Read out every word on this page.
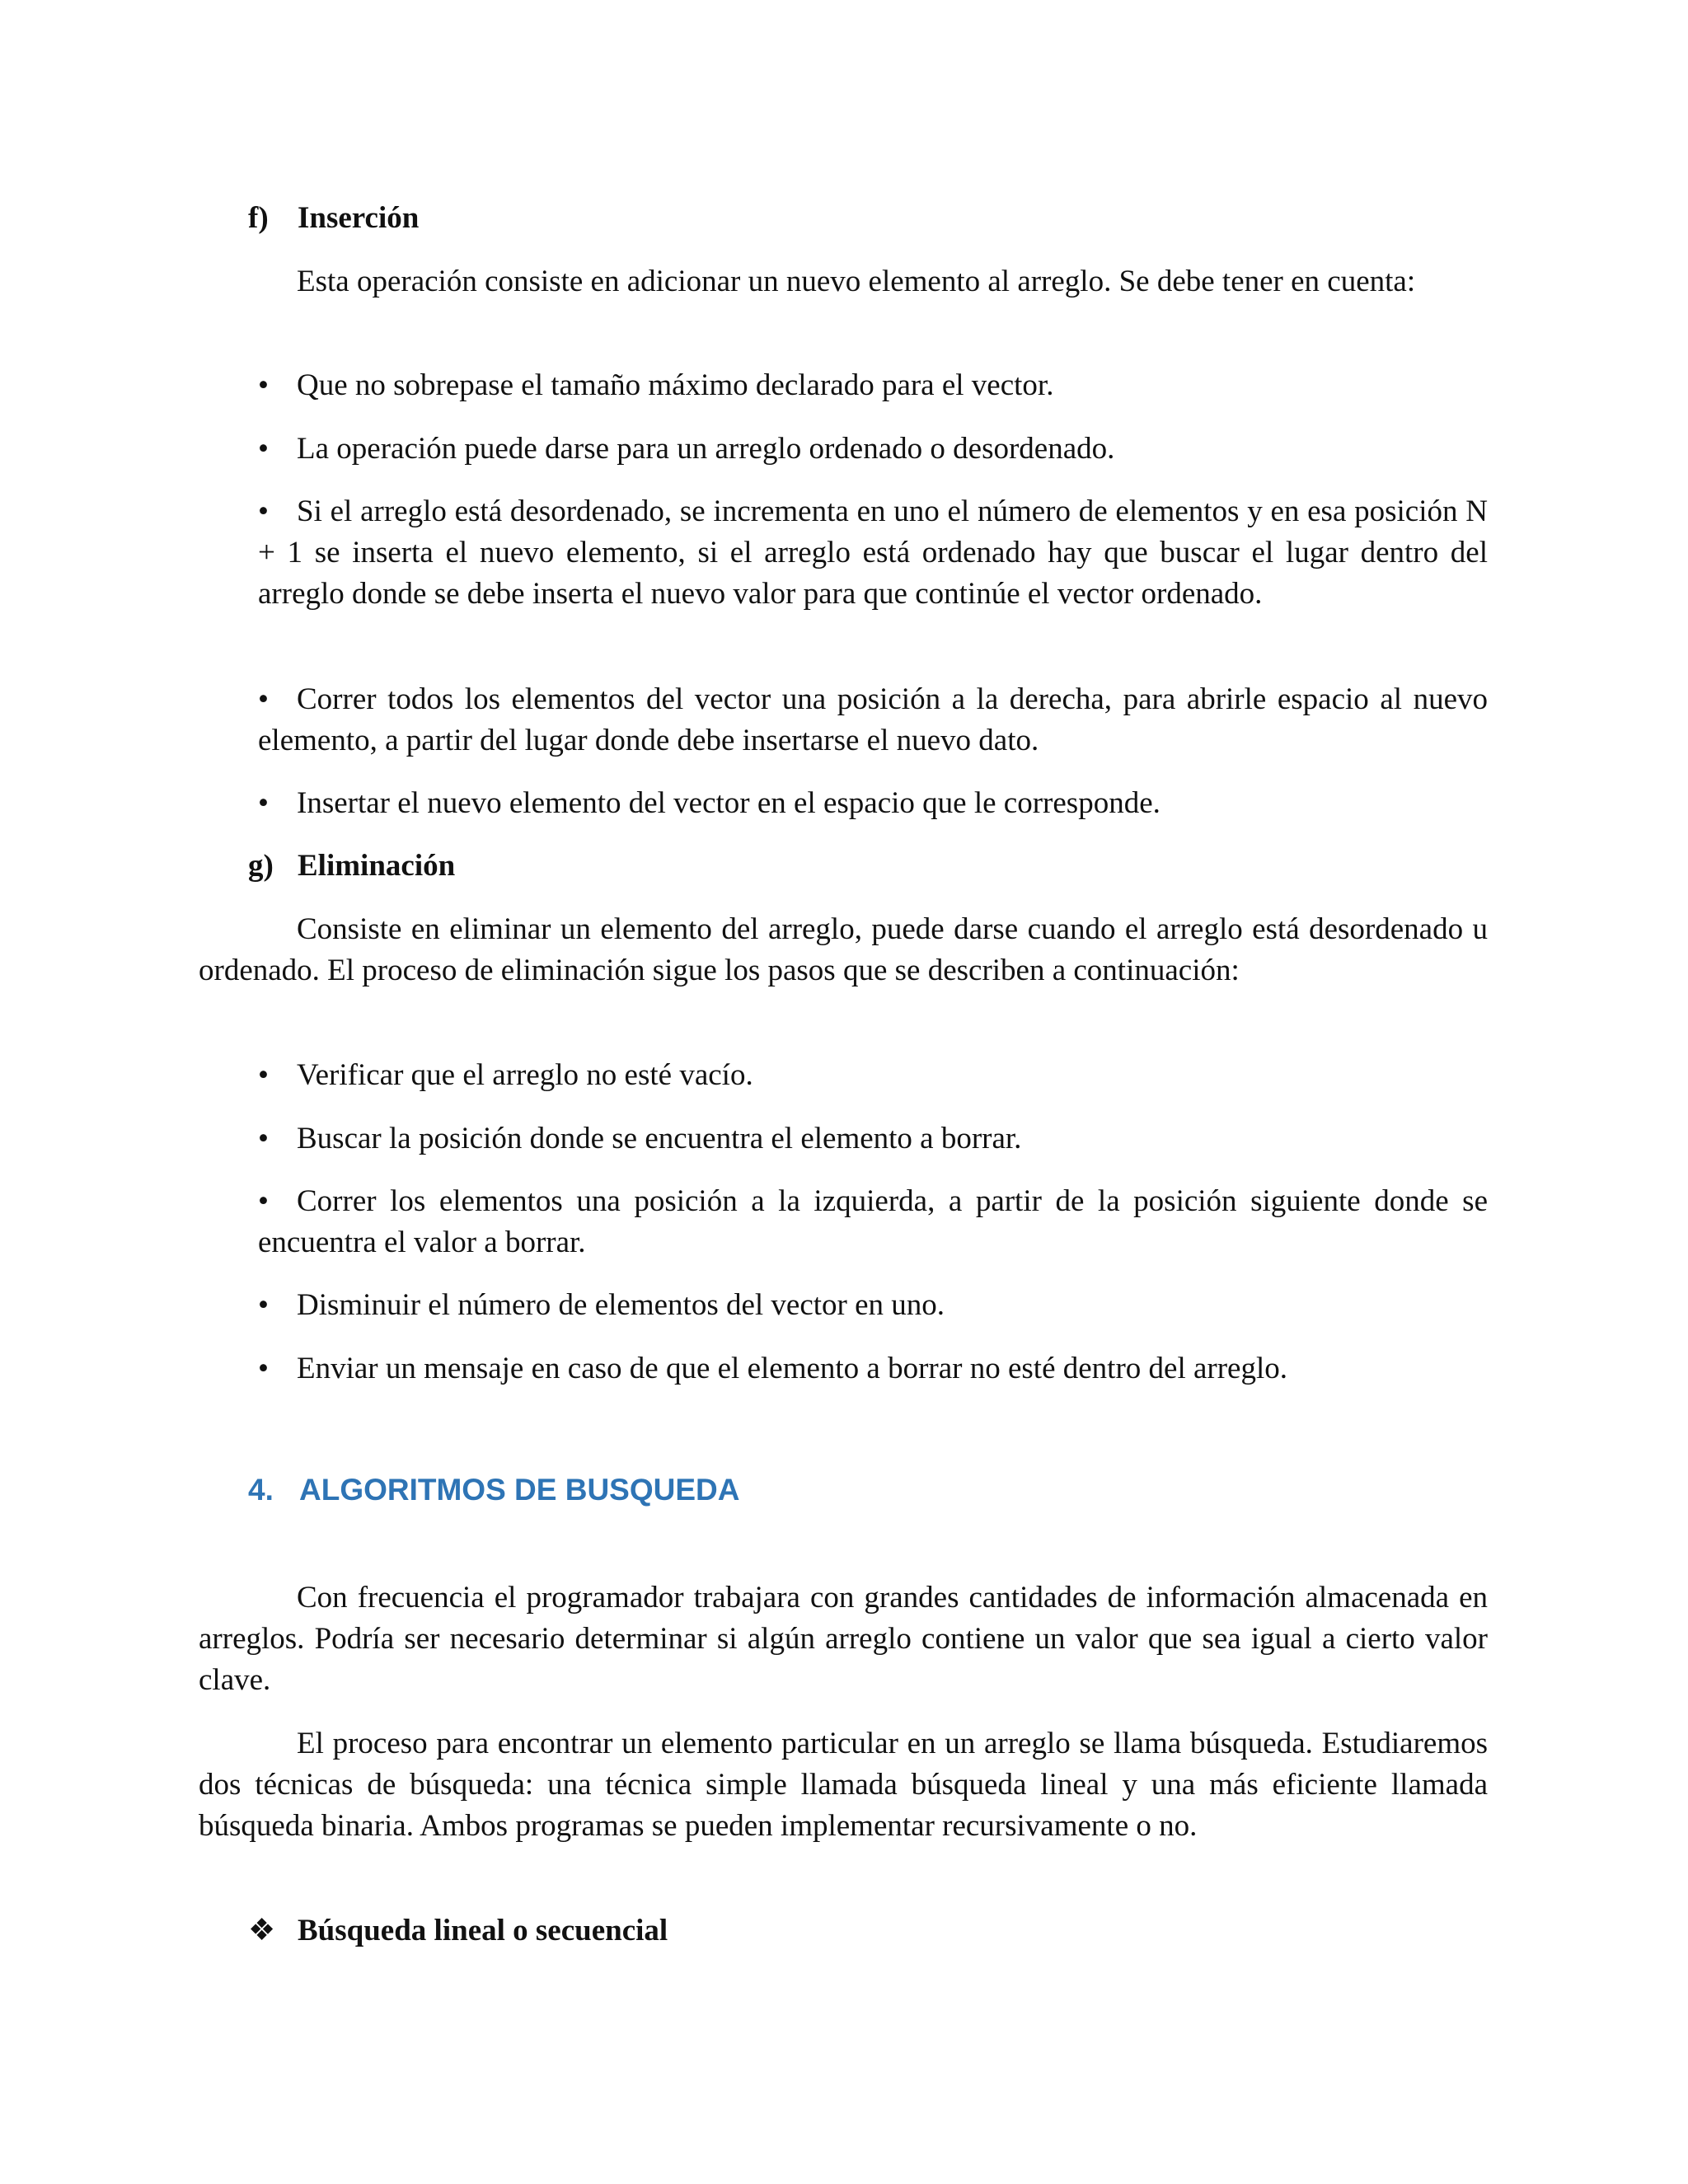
f) Inserción

Esta operación consiste en adicionar un nuevo elemento al arreglo. Se debe tener en cuenta:

• Que no sobrepase el tamaño máximo declarado para el vector.
• La operación puede darse para un arreglo ordenado o desordenado.
• Si el arreglo está desordenado, se incrementa en uno el número de elementos y en esa posición N + 1 se inserta el nuevo elemento, si el arreglo está ordenado hay que buscar el lugar dentro del arreglo donde se debe inserta el nuevo valor para que continúe el vector ordenado.
• Correr todos los elementos del vector una posición a la derecha, para abrirle espacio al nuevo elemento, a partir del lugar donde debe insertarse el nuevo dato.
• Insertar el nuevo elemento del vector en el espacio que le corresponde.
g) Eliminación

Consiste en eliminar un elemento del arreglo, puede darse cuando el arreglo está desordenado u ordenado. El proceso de eliminación sigue los pasos que se describen a continuación:

• Verificar que el arreglo no esté vacío.
• Buscar la posición donde se encuentra el elemento a borrar.
• Correr los elementos una posición a la izquierda, a partir de la posición siguiente donde se encuentra el valor a borrar.
• Disminuir el número de elementos del vector en uno.
• Enviar un mensaje en caso de que el elemento a borrar no esté dentro del arreglo.
4. ALGORITMOS DE BUSQUEDA

Con frecuencia el programador trabajara con grandes cantidades de información almacenada en arreglos. Podría ser necesario determinar si algún arreglo contiene un valor que sea igual a cierto valor clave.

El proceso para encontrar un elemento particular en un arreglo se llama búsqueda. Estudiaremos dos técnicas de búsqueda: una técnica simple llamada búsqueda lineal y una más eficiente llamada búsqueda binaria. Ambos programas se pueden implementar recursivamente o no.

❖ Búsqueda lineal o secuencial
